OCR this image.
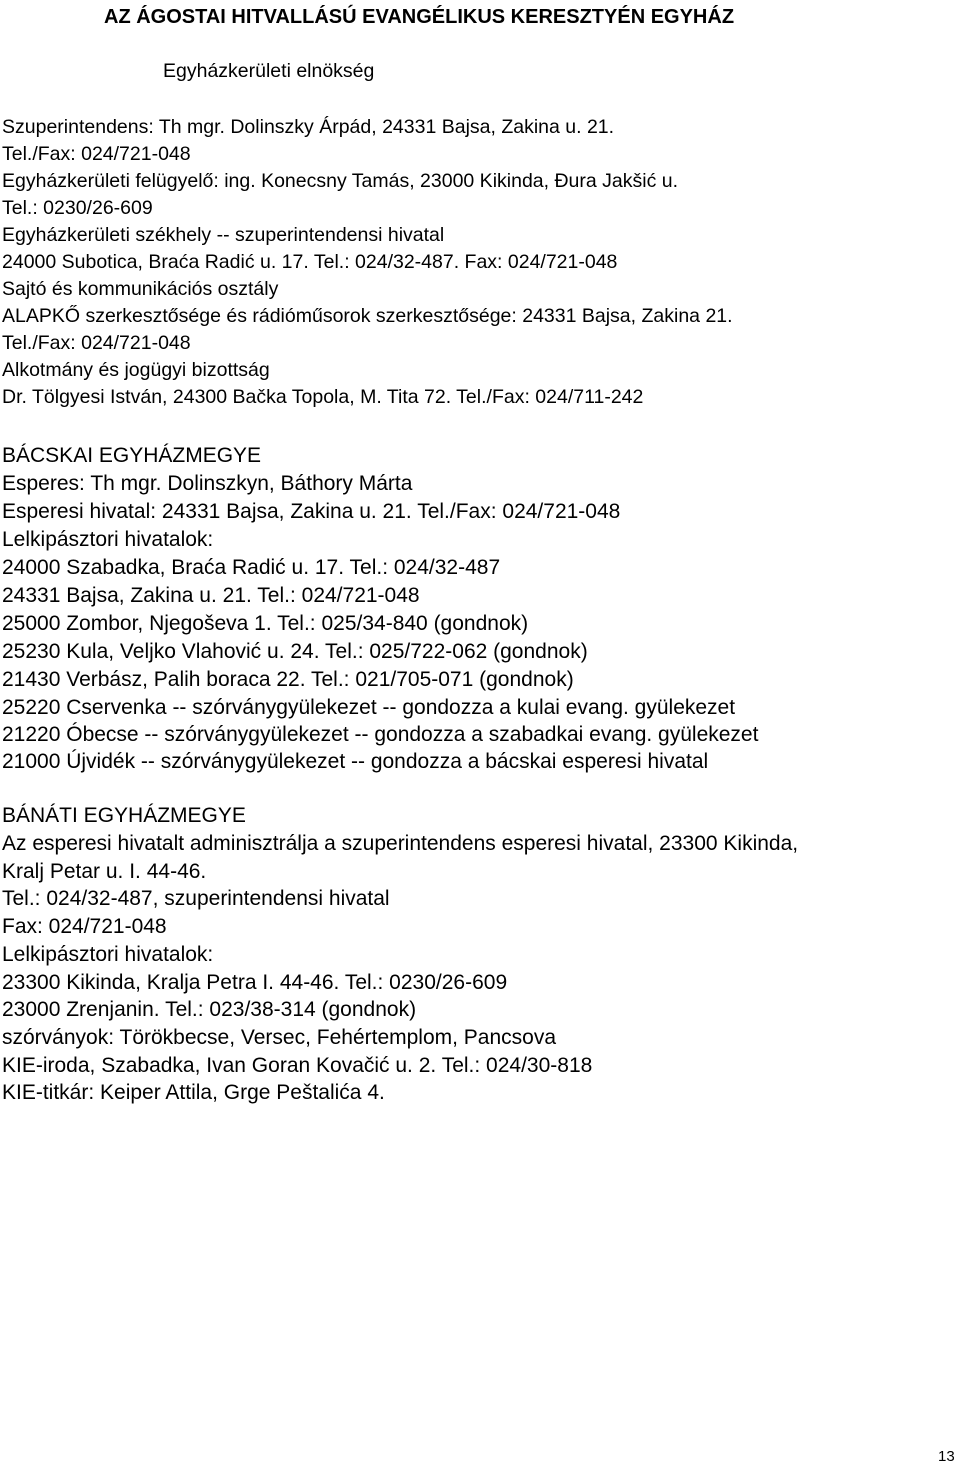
AZ ÁGOSTAI HITVALLÁSÚ EVANGÉLIKUS KERESZTYÉN EGYHÁZ

Egyházkerületi elnökség

Szuperintendens: Th mgr. Dolinszky Árpád, 24331 Bajsa, Zakina u. 21.

Tel./Fax: 024/721-048

Egyházkerületi felügyelő: ing. Konecsny Tamás, 23000 Kikinda, Đura Jakšić u.

Tel.: 0230/26-609

Egyházkerületi székhely -- szuperintendensi hivatal

24000 Subotica, Braća Radić u. 17. Tel.: 024/32-487. Fax: 024/721-048

Sajtó és kommunikációs osztály

ALAPKŐ szerkesztősége és rádióműsorok szerkesztősége: 24331 Bajsa, Zakina 21.

Tel./Fax: 024/721-048

Alkotmány és jogügyi bizottság

Dr. Tölgyesi István, 24300 Bačka Topola, M. Tita 72. Tel./Fax: 024/711-242

BÁCSKAI EGYHÁZMEGYE

Esperes: Th mgr. Dolinszkyn, Báthory Márta

Esperesi hivatal: 24331 Bajsa, Zakina u. 21. Tel./Fax: 024/721-048

Lelkipásztori hivatalok:

24000 Szabadka, Braća Radić u. 17. Tel.: 024/32-487

24331 Bajsa, Zakina u. 21. Tel.: 024/721-048

25000 Zombor, Njegoševa 1. Tel.: 025/34-840 (gondnok)

25230 Kula, Veljko Vlahović u. 24. Tel.: 025/722-062 (gondnok)

21430 Verbász, Palih boraca 22. Tel.: 021/705-071 (gondnok)

25220 Cservenka -- szórványgyülekezet -- gondozza a kulai evang. gyülekezet

21220 Óbecse -- szórványgyülekezet -- gondozza a szabadkai evang. gyülekezet

21000 Újvidék -- szórványgyülekezet -- gondozza a bácskai esperesi hivatal

BÁNÁTI EGYHÁZMEGYE

Az esperesi hivatalt adminisztrálja a szuperintendens esperesi hivatal, 23300 Kikinda,

Kralj Petar u. I. 44-46.

Tel.: 024/32-487, szuperintendensi hivatal

Fax: 024/721-048

Lelkipásztori hivatalok:

23300 Kikinda, Kralja Petra I. 44-46. Tel.: 0230/26-609

23000 Zrenjanin. Tel.: 023/38-314 (gondnok)

szórványok: Törökbecse, Versec, Fehértemplom, Pancsova

KIE-iroda, Szabadka, Ivan Goran Kovačić u. 2. Tel.: 024/30-818

KIE-titkár: Keiper Attila, Grge Peštalića 4.

13
